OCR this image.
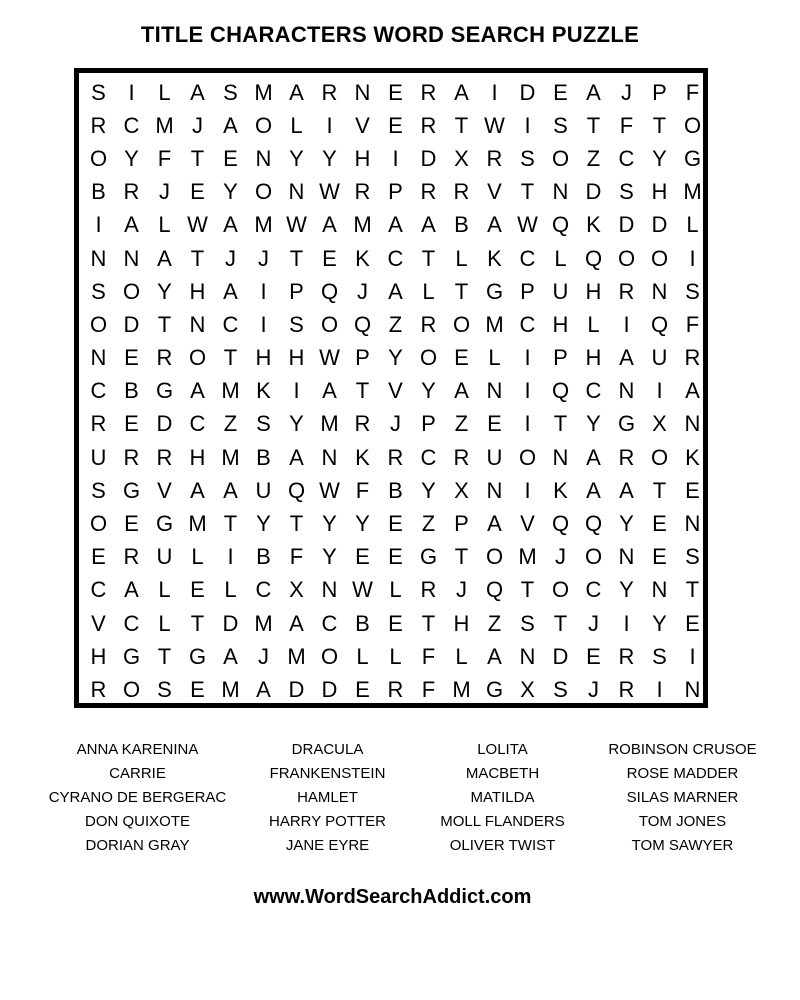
TITLE CHARACTERS WORD SEARCH PUZZLE
S	I	L A S M A R N E R A	I D E A J P F
R C M J A O L	I	V E R T W I	S T F T O
O Y F T E N Y Y H	I D X R S O Z C Y G
B R J E Y O N W R P R R V T N D S H M
I	A L W A M W A M A A B A W Q K D D L
N N A T J	J T E K C T L K C L Q O O I
S O Y H A	I	P Q J A L T G P U H R N S
O D T N C	I	S O Q Z R O M C H L	I Q F
N E R O T H H W P Y O E L	I	P H A U R
C B G A M K	I	A T V Y A N	I Q C N	I	A
R E D C Z S Y M R J P Z E	I	T Y G X N
U R R H M B A N K R C R U O N A R O K
S G V A A U Q W F B Y X N	I	K A A T E
O E G M T Y T Y Y E Z P A V Q Q Y E N
E R U L	I	B F Y E E G T O M J O N E S
C A L E L C X N W L R J Q T O C Y N T
V C L T D M A C B E T H Z S T J	I	Y E
H G T G A J M O L L F L A N D E R S	I
R O S E M A D D E R F M G X S J R	I N
ANNA KARENINA
CARRIE
CYRANO DE BERGERAC
DON QUIXOTE
DORIAN GRAY
DRACULA
FRANKENSTEIN
HAMLET
HARRY POTTER
JANE EYRE
LOLITA
MACBETH
MATILDA
MOLL FLANDERS
OLIVER TWIST
ROBINSON CRUSOE
ROSE MADDER
SILAS MARNER
TOM JONES
TOM SAWYER
www.WordSearchAddict.com
